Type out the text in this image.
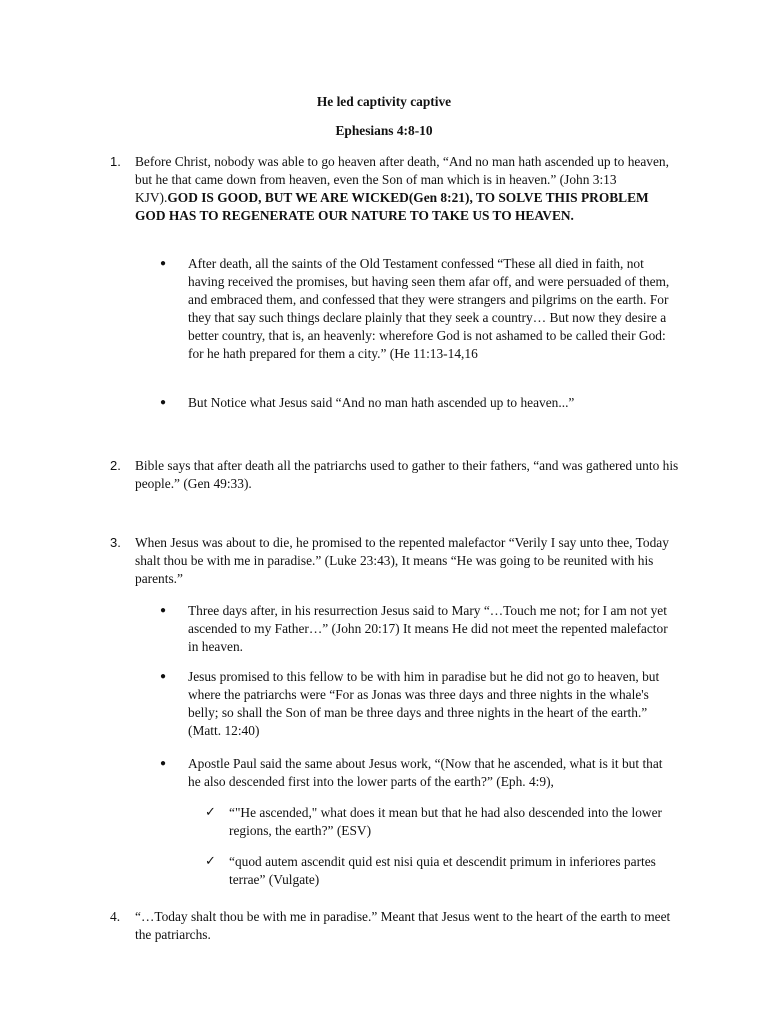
He led captivity captive
Ephesians 4:8-10
1. Before Christ, nobody was able to go heaven after death, “And no man hath ascended up to heaven, but he that came down from heaven, even the Son of man which is in heaven.” (John 3:13 KJV).GOD IS GOOD, BUT WE ARE WICKED(Gen 8:21), TO SOLVE THIS PROBLEM GOD HAS TO REGENERATE OUR NATURE TO TAKE US TO HEAVEN.
● After death, all the saints of the Old Testament confessed “These all died in faith, not having received the promises, but having seen them afar off, and were persuaded of them, and embraced them, and confessed that they were strangers and pilgrims on the earth. For they that say such things declare plainly that they seek a country… But now they desire a better country, that is, an heavenly: wherefore God is not ashamed to be called their God: for he hath prepared for them a city.” (He 11:13-14,16
● But Notice what Jesus said “And no man hath ascended up to heaven...”
2. Bible says that after death all the patriarchs used to gather to their fathers, “and was gathered unto his people.” (Gen 49:33).
3. When Jesus was about to die, he promised to the repented malefactor “Verily I say unto thee, Today shalt thou be with me in paradise.” (Luke 23:43), It means “He was going to be reunited with his parents.”
● Three days after, in his resurrection Jesus said to Mary “…Touch me not; for I am not yet ascended to my Father…” (John 20:17) It means He did not meet the repented malefactor in heaven.
● Jesus promised to this fellow to be with him in paradise but he did not go to heaven, but where the patriarchs were “For as Jonas was three days and three nights in the whale's belly; so shall the Son of man be three days and three nights in the heart of the earth.” (Matt. 12:40)
● Apostle Paul said the same about Jesus work, “(Now that he ascended, what is it but that he also descended first into the lower parts of the earth?” (Eph. 4:9),
✓ “"He ascended," what does it mean but that he had also descended into the lower regions, the earth?” (ESV)
✓ “quod autem ascendit quid est nisi quia et descendit primum in inferiores partes terrae” (Vulgate)
4. “…Today shalt thou be with me in paradise.” Meant that Jesus went to the heart of the earth to meet the patriarchs.
